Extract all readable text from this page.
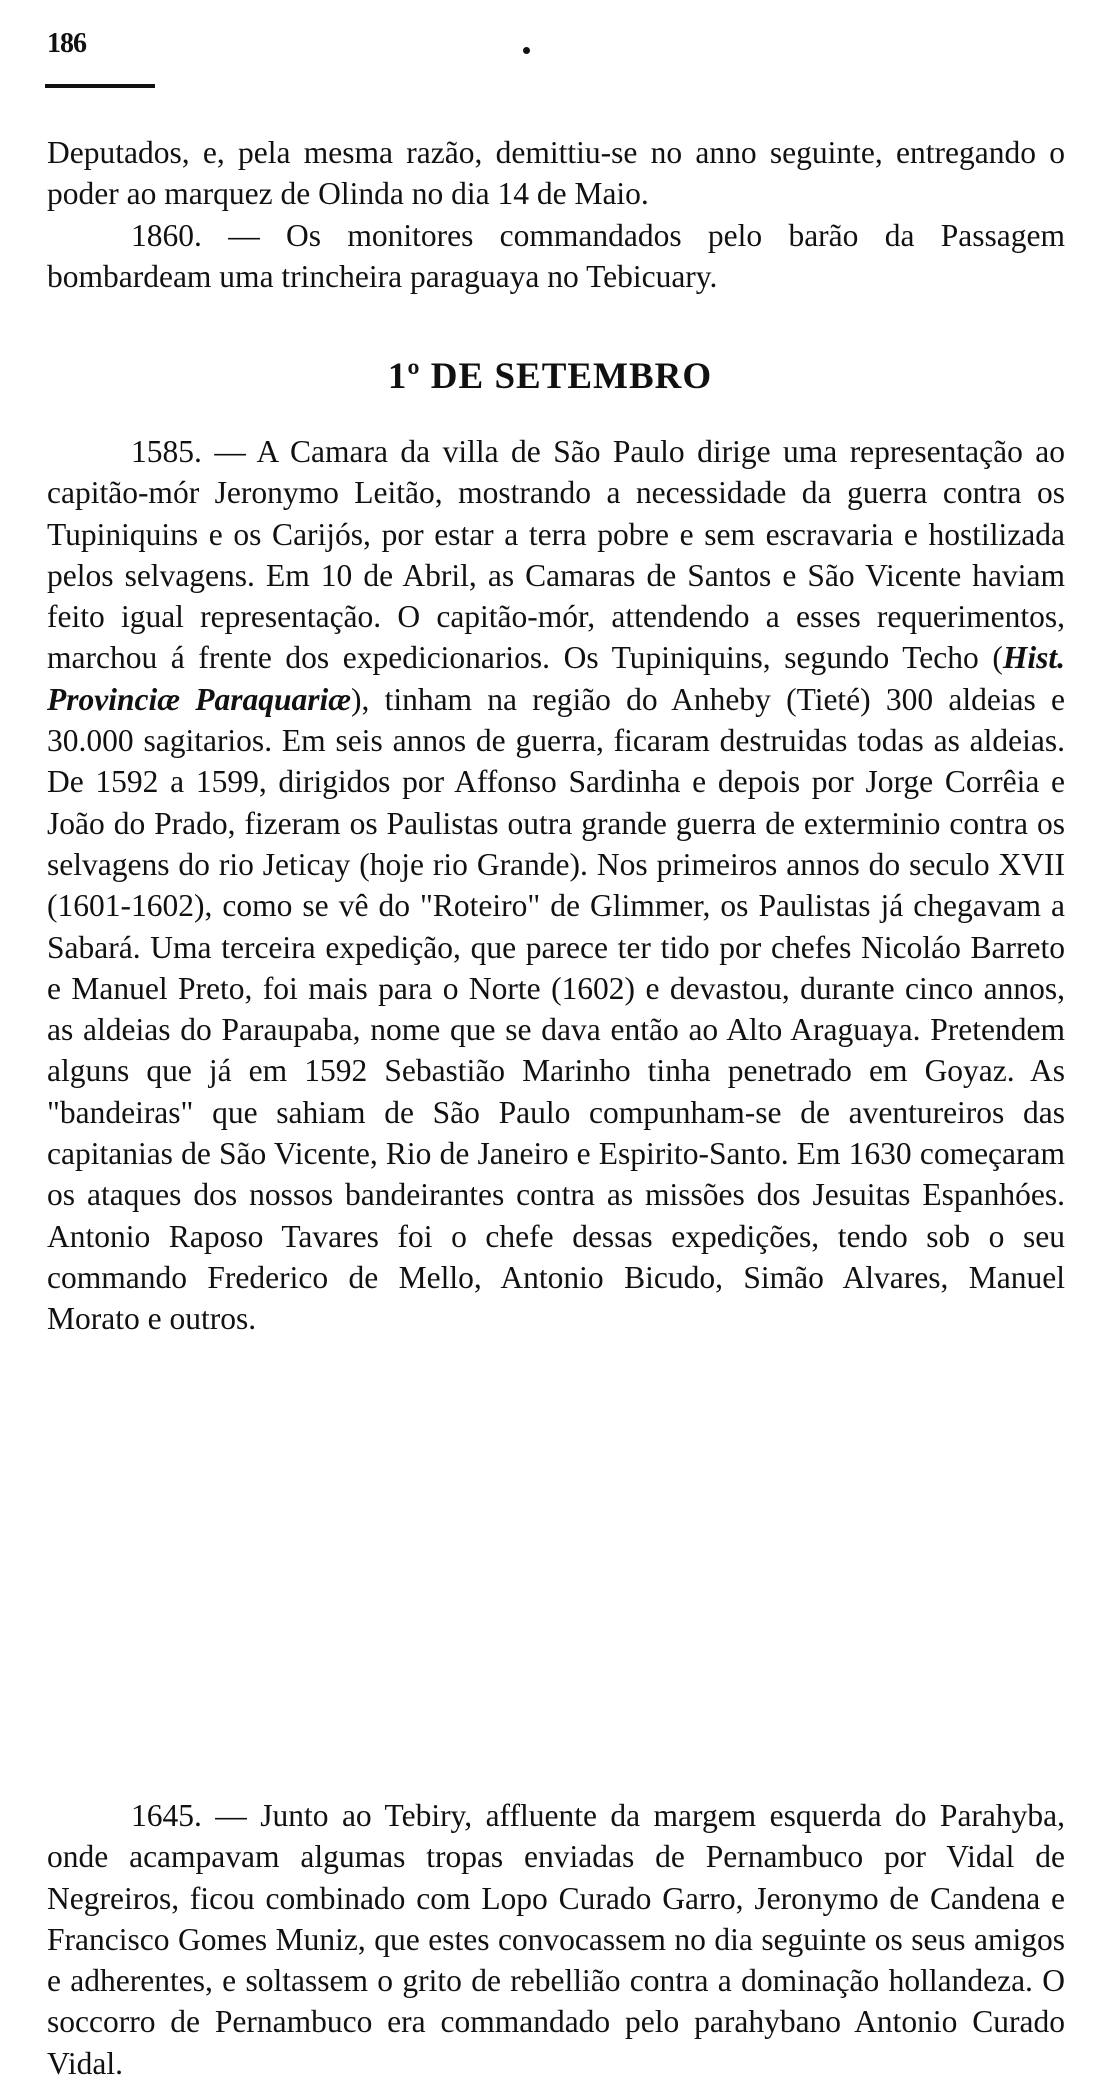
186

Deputados, e, pela mesma razão, demittiu-se no anno seguinte, entregando o poder ao marquez de Olinda no dia 14 de Maio.

1860. — Os monitores commandados pelo barão da Passagem bombardeam uma trincheira paraguaya no Tebicuary.

1º DE SETEMBRO

1585. — A Camara da villa de São Paulo dirige uma representação ao capitão-mór Jeronymo Leitão, mostrando a necessidade da guerra contra os Tupiniquins e os Carijós, por estar a terra pobre e sem escravaria e hostilizada pelos selvagens. Em 10 de Abril, as Camaras de Santos e São Vicente haviam feito igual representação. O capitão-mór, attendendo a esses requerimentos, marchou á frente dos expedicionarios. Os Tupiniquins, segundo Techo (Hist. Provinciæ Paraquariæ), tinham na região do Anheby (Tieté) 300 aldeias e 30.000 sagitarios. Em seis annos de guerra, ficaram destruidas todas as aldeias. De 1592 a 1599, dirigidos por Affonso Sardinha e depois por Jorge Corrêia e João do Prado, fizeram os Paulistas outra grande guerra de exterminio contra os selvagens do rio Jeticay (hoje rio Grande). Nos primeiros annos do seculo XVII (1601-1602), como se vê do "Roteiro" de Glimmer, os Paulistas já chegavam a Sabará. Uma terceira expedição, que parece ter tido por chefes Nicoláo Barreto e Manuel Preto, foi mais para o Norte (1602) e devastou, durante cinco annos, as aldeias do Paraupaba, nome que se dava então ao Alto Araguaya. Pretendem alguns que já em 1592 Sebastião Marinho tinha penetrado em Goyaz. As "bandeiras" que sahiam de São Paulo compunham-se de aventureiros das capitanias de São Vicente, Rio de Janeiro e Espirito-Santo. Em 1630 começaram os ataques dos nossos bandeirantes contra as missões dos Jesuitas Espanhóes. Antonio Raposo Tavares foi o chefe dessas expedições, tendo sob o seu commando Frederico de Mello, Antonio Bicudo, Simão Alvares, Manuel Morato e outros.

1645. — Junto ao Tebiry, affluente da margem esquerda do Parahyba, onde acampavam algumas tropas enviadas de Pernambuco por Vidal de Negreiros, ficou combinado com Lopo Curado Garro, Jeronymo de Candena e Francisco Gomes Muniz, que estes convocassem no dia seguinte os seus amigos e adherentes, e soltassem o grito de rebellião contra a dominação hollandeza. O soccorro de Pernambuco era commandado pelo parahybano Antonio Curado Vidal.
